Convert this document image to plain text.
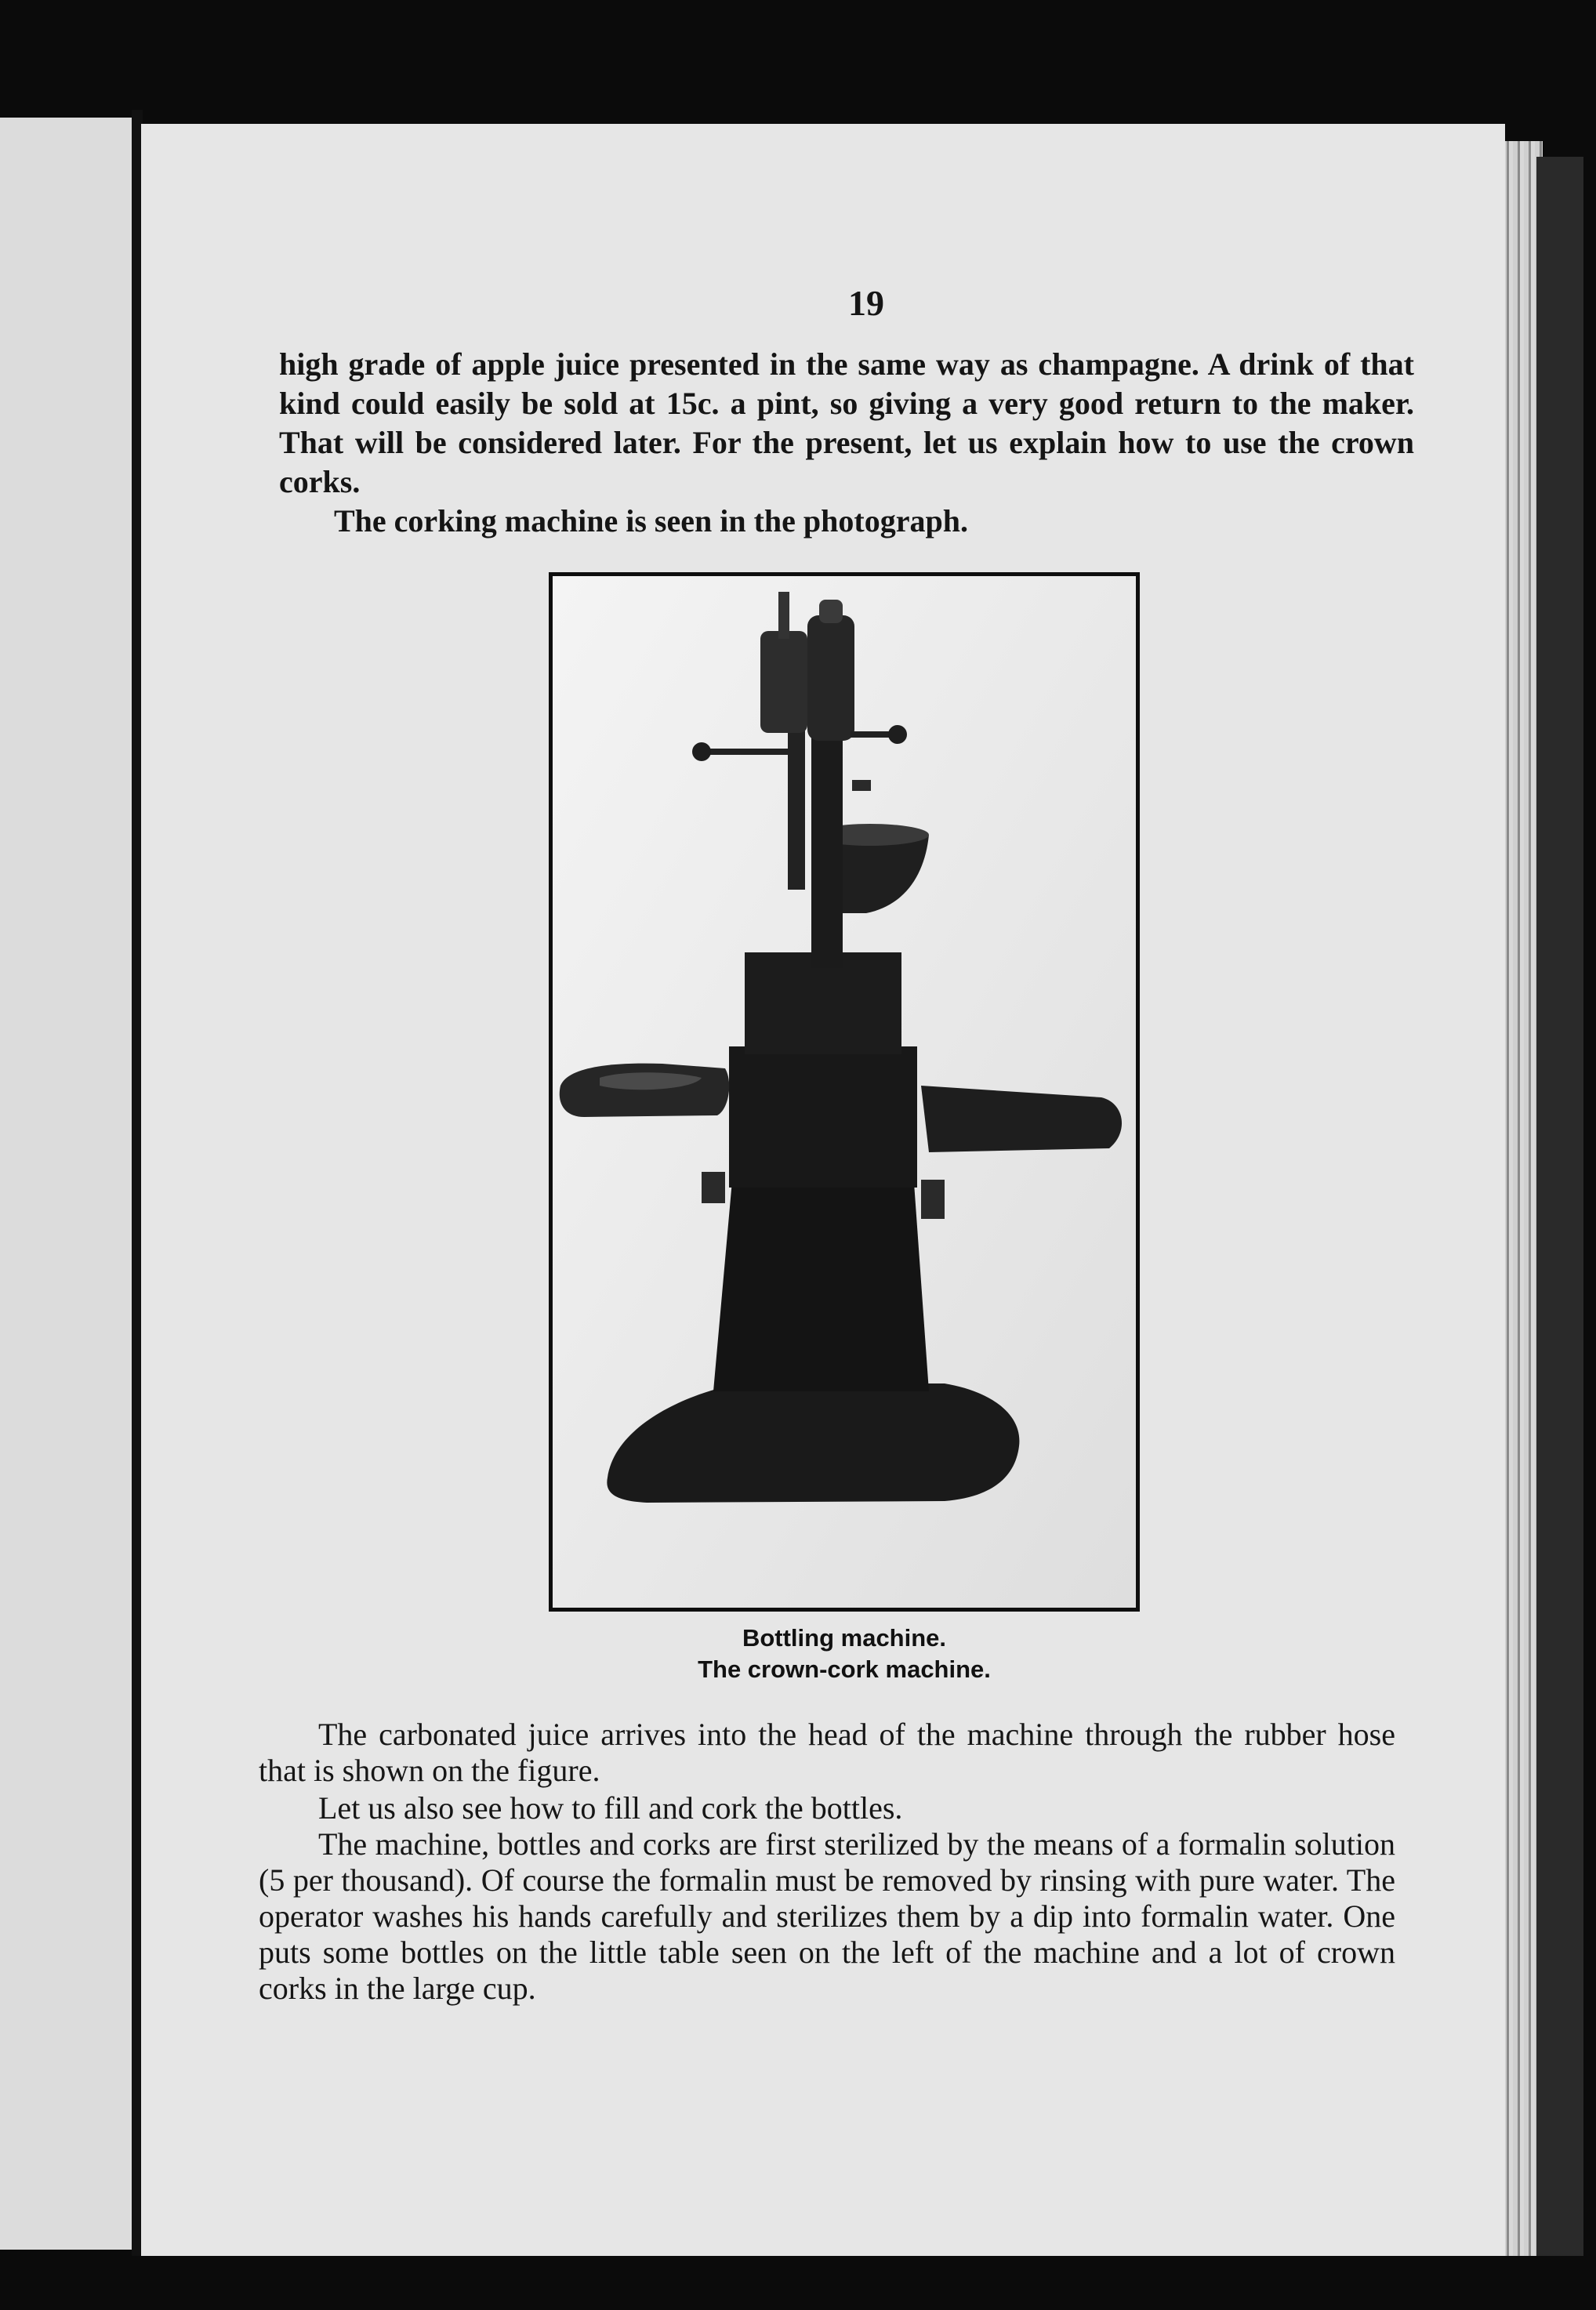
19

high grade of apple juice presented in the same way as champagne. A drink of that kind could easily be sold at 15c. a pint, so giving a very good return to the maker. That will be considered later. For the present, let us explain how to use the crown corks.

The corking machine is seen in the photograph.

Bottling machine.
The crown-cork machine.

The carbonated juice arrives into the head of the machine through the rubber hose that is shown on the figure.

Let us also see how to fill and cork the bottles.

The machine, bottles and corks are first sterilized by the means of a formalin solution (5 per thousand). Of course the formalin must be removed by rinsing with pure water. The operator washes his hands carefully and sterilizes them by a dip into formalin water. One puts some bottles on the little table seen on the left of the machine and a lot of crown corks in the large cup.
